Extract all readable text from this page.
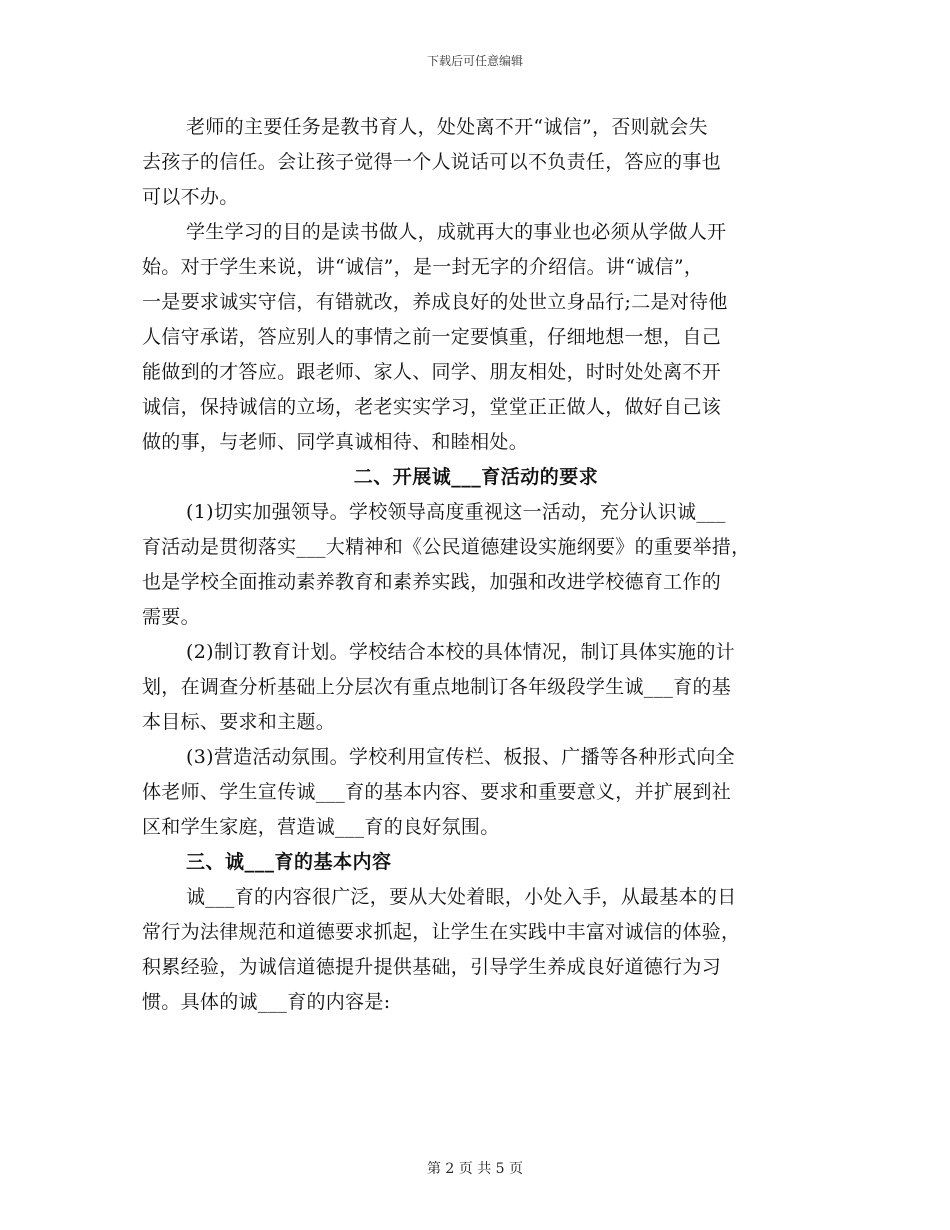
下载后可任意编辑

老师的主要任务是教书育人，处处离不开“诚信”，否则就会失
去孩子的信任。会让孩子觉得一个人说话可以不负责任，答应的事也
可以不办。

学生学习的目的是读书做人，成就再大的事业也必须从学做人开
始。对于学生来说，讲“诚信”，是一封无字的介绍信。讲“诚信”，
一是要求诚实守信，有错就改，养成良好的处世立身品行;二是对待他
人信守承诺，答应别人的事情之前一定要慎重，仔细地想一想，自己
能做到的才答应。跟老师、家人、同学、朋友相处，时时处处离不开
诚信，保持诚信的立场，老老实实学习，堂堂正正做人，做好自己该
做的事，与老师、同学真诚相待、和睦相处。

二、开展诚___育活动的要求

(1)切实加强领导。学校领导高度重视这一活动，充分认识诚___
育活动是贯彻落实___大精神和《公民道德建设实施纲要》的重要举措，
也是学校全面推动素养教育和素养实践，加强和改进学校德育工作的
需要。

(2)制订教育计划。学校结合本校的具体情况，制订具体实施的计
划，在调查分析基础上分层次有重点地制订各年级段学生诚___育的基
本目标、要求和主题。

(3)营造活动氛围。学校利用宣传栏、板报、广播等各种形式向全
体老师、学生宣传诚___育的基本内容、要求和重要意义，并扩展到社
区和学生家庭，营造诚___育的良好氛围。

三、诚___育的基本内容

诚___育的内容很广泛，要从大处着眼，小处入手，从最基本的日
常行为法律规范和道德要求抓起，让学生在实践中丰富对诚信的体验，
积累经验，为诚信道德提升提供基础，引导学生养成良好道德行为习
惯。具体的诚___育的内容是:

第 2 页 共 5 页
